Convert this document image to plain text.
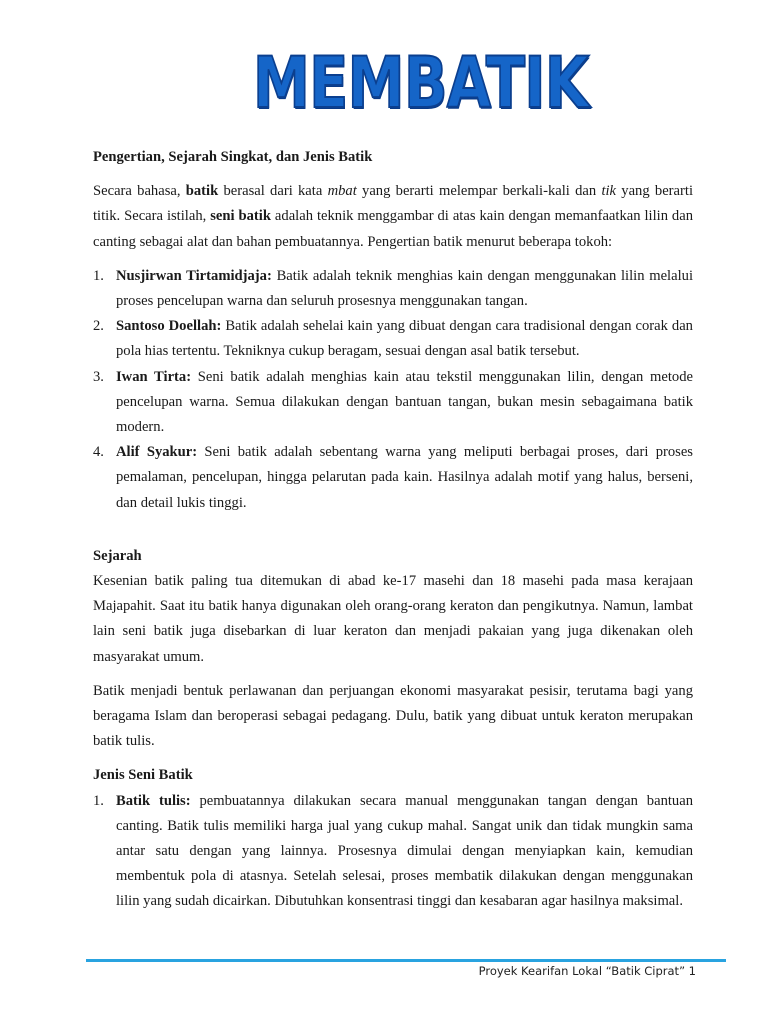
MEMBATIK
Pengertian, Sejarah Singkat, dan Jenis Batik

Secara bahasa, batik berasal dari kata mbat yang berarti melempar berkali-kali dan tik yang berarti titik. Secara istilah, seni batik adalah teknik menggambar di atas kain dengan memanfaatkan lilin dan canting sebagai alat dan bahan pembuatannya. Pengertian batik menurut beberapa tokoh:

1. Nusjirwan Tirtamidjaja: Batik adalah teknik menghias kain dengan menggunakan lilin melalui proses pencelupan warna dan seluruh prosesnya menggunakan tangan.
2. Santoso Doellah: Batik adalah sehelai kain yang dibuat dengan cara tradisional dengan corak dan pola hias tertentu. Tekniknya cukup beragam, sesuai dengan asal batik tersebut.
3. Iwan Tirta: Seni batik adalah menghias kain atau tekstil menggunakan lilin, dengan metode pencelupan warna. Semua dilakukan dengan bantuan tangan, bukan mesin sebagaimana batik modern.
4. Alif Syakur: Seni batik adalah sebentang warna yang meliputi berbagai proses, dari proses pemalaman, pencelupan, hingga pelarutan pada kain. Hasilnya adalah motif yang halus, berseni, dan detail lukis tinggi.
Sejarah

Kesenian batik paling tua ditemukan di abad ke-17 masehi dan 18 masehi pada masa kerajaan Majapahit. Saat itu batik hanya digunakan oleh orang-orang keraton dan pengikutnya. Namun, lambat lain seni batik juga disebarkan di luar keraton dan menjadi pakaian yang juga dikenakan oleh masyarakat umum.

Batik menjadi bentuk perlawanan dan perjuangan ekonomi masyarakat pesisir, terutama bagi yang beragama Islam dan beroperasi sebagai pedagang. Dulu, batik yang dibuat untuk keraton merupakan batik tulis.

Jenis Seni Batik
1. Batik tulis: pembuatannya dilakukan secara manual menggunakan tangan dengan bantuan canting. Batik tulis memiliki harga jual yang cukup mahal. Sangat unik dan tidak mungkin sama antar satu dengan yang lainnya. Prosesnya dimulai dengan menyiapkan kain, kemudian membentuk pola di atasnya. Setelah selesai, proses membatik dilakukan dengan menggunakan lilin yang sudah dicairkan. Dibutuhkan konsentrasi tinggi dan kesabaran agar hasilnya maksimal.
Proyek Kearifan Lokal “Batik Ciprat” 1
